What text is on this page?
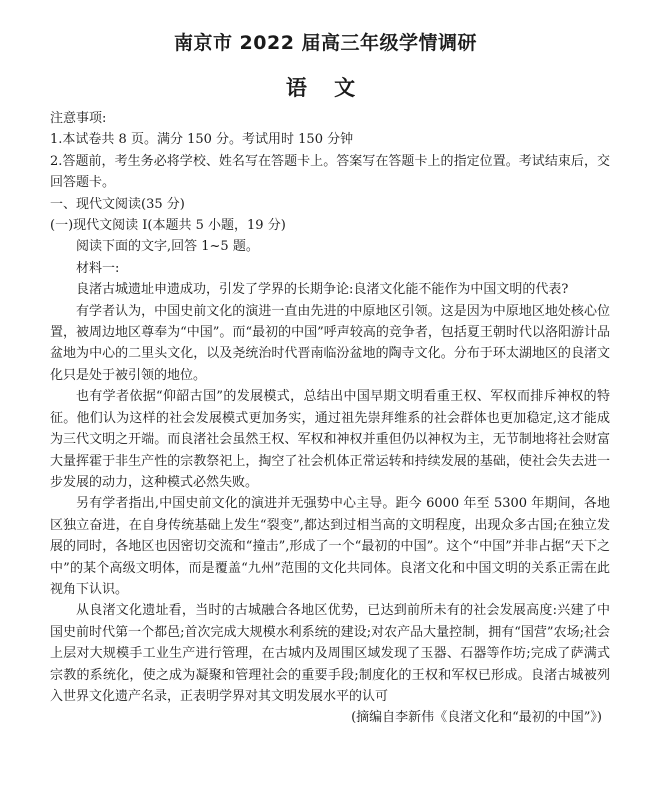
南京市 2022 届高三年级学情调研
语 文

注意事项:

1.本试卷共 8 页。满分 150 分。考试用时 150 分钟

2.答题前，考生务必将学校、姓名写在答题卡上。答案写在答题卡上的指定位置。考试结束后，交回答题卡。

一、现代文阅读(35 分)

(一)现代文阅读 I(本题共 5 小题，19 分)

阅读下面的文字,回答 1~5 题。

材料一:

良渚古城遗址申遗成功，引发了学界的长期争论:良渚文化能不能作为中国文明的代表?

有学者认为，中国史前文化的演进一直由先进的中原地区引领。这是因为中原地区地处核心位置，被周边地区尊奉为“中国”。而“最初的中国”呼声较高的竞争者，包括夏王朝时代以洛阳游计品盆地为中心的二里头文化，以及尧统治时代晋南临汾盆地的陶寺文化。分布于环太湖地区的良渚文化只是处于被引领的地位。

也有学者依据“仰韶古国”的发展模式，总结出中国早期文明看重王权、军权而排斥神权的特征。他们认为这样的社会发展模式更加务实，通过祖先崇拜维系的社会群体也更加稳定,这才能成为三代文明之开端。而良渚社会虽然王权、军权和神权并重但仍以神权为主，无节制地将社会财富大量挥霍于非生产性的宗教祭祀上，掏空了社会机体正常运转和持续发展的基础，使社会失去进一步发展的动力，这种模式必然失败。

另有学者指出,中国史前文化的演进并无强势中心主导。距今 6000 年至 5300 年期间，各地区独立奋进，在自身传统基础上发生“裂变”,都达到过相当高的文明程度，出现众多古国;在独立发展的同时，各地区也因密切交流和“撞击”,形成了一个“最初的中国”。这个“中国”并非占据“天下之中”的某个高级文明体，而是覆盖“九州”范围的文化共同体。良渚文化和中国文明的关系正需在此视角下认识。

从良渚文化遗址看，当时的古城融合各地区优势，已达到前所未有的社会发展高度:兴建了中国史前时代第一个都邑;首次完成大规模水利系统的建设;对农产品大量控制，拥有“国营”农场;社会上层对大规模手工业生产进行管理，在古城内及周围区域发现了玉器、石器等作坊;完成了萨满式宗教的系统化，使之成为凝聚和管理社会的重要手段;制度化的王权和军权已形成。良渚古城被列入世界文化遗产名录，正表明学界对其文明发展水平的认可

(摘编自李新伟《良渚文化和“最初的中国”》)
